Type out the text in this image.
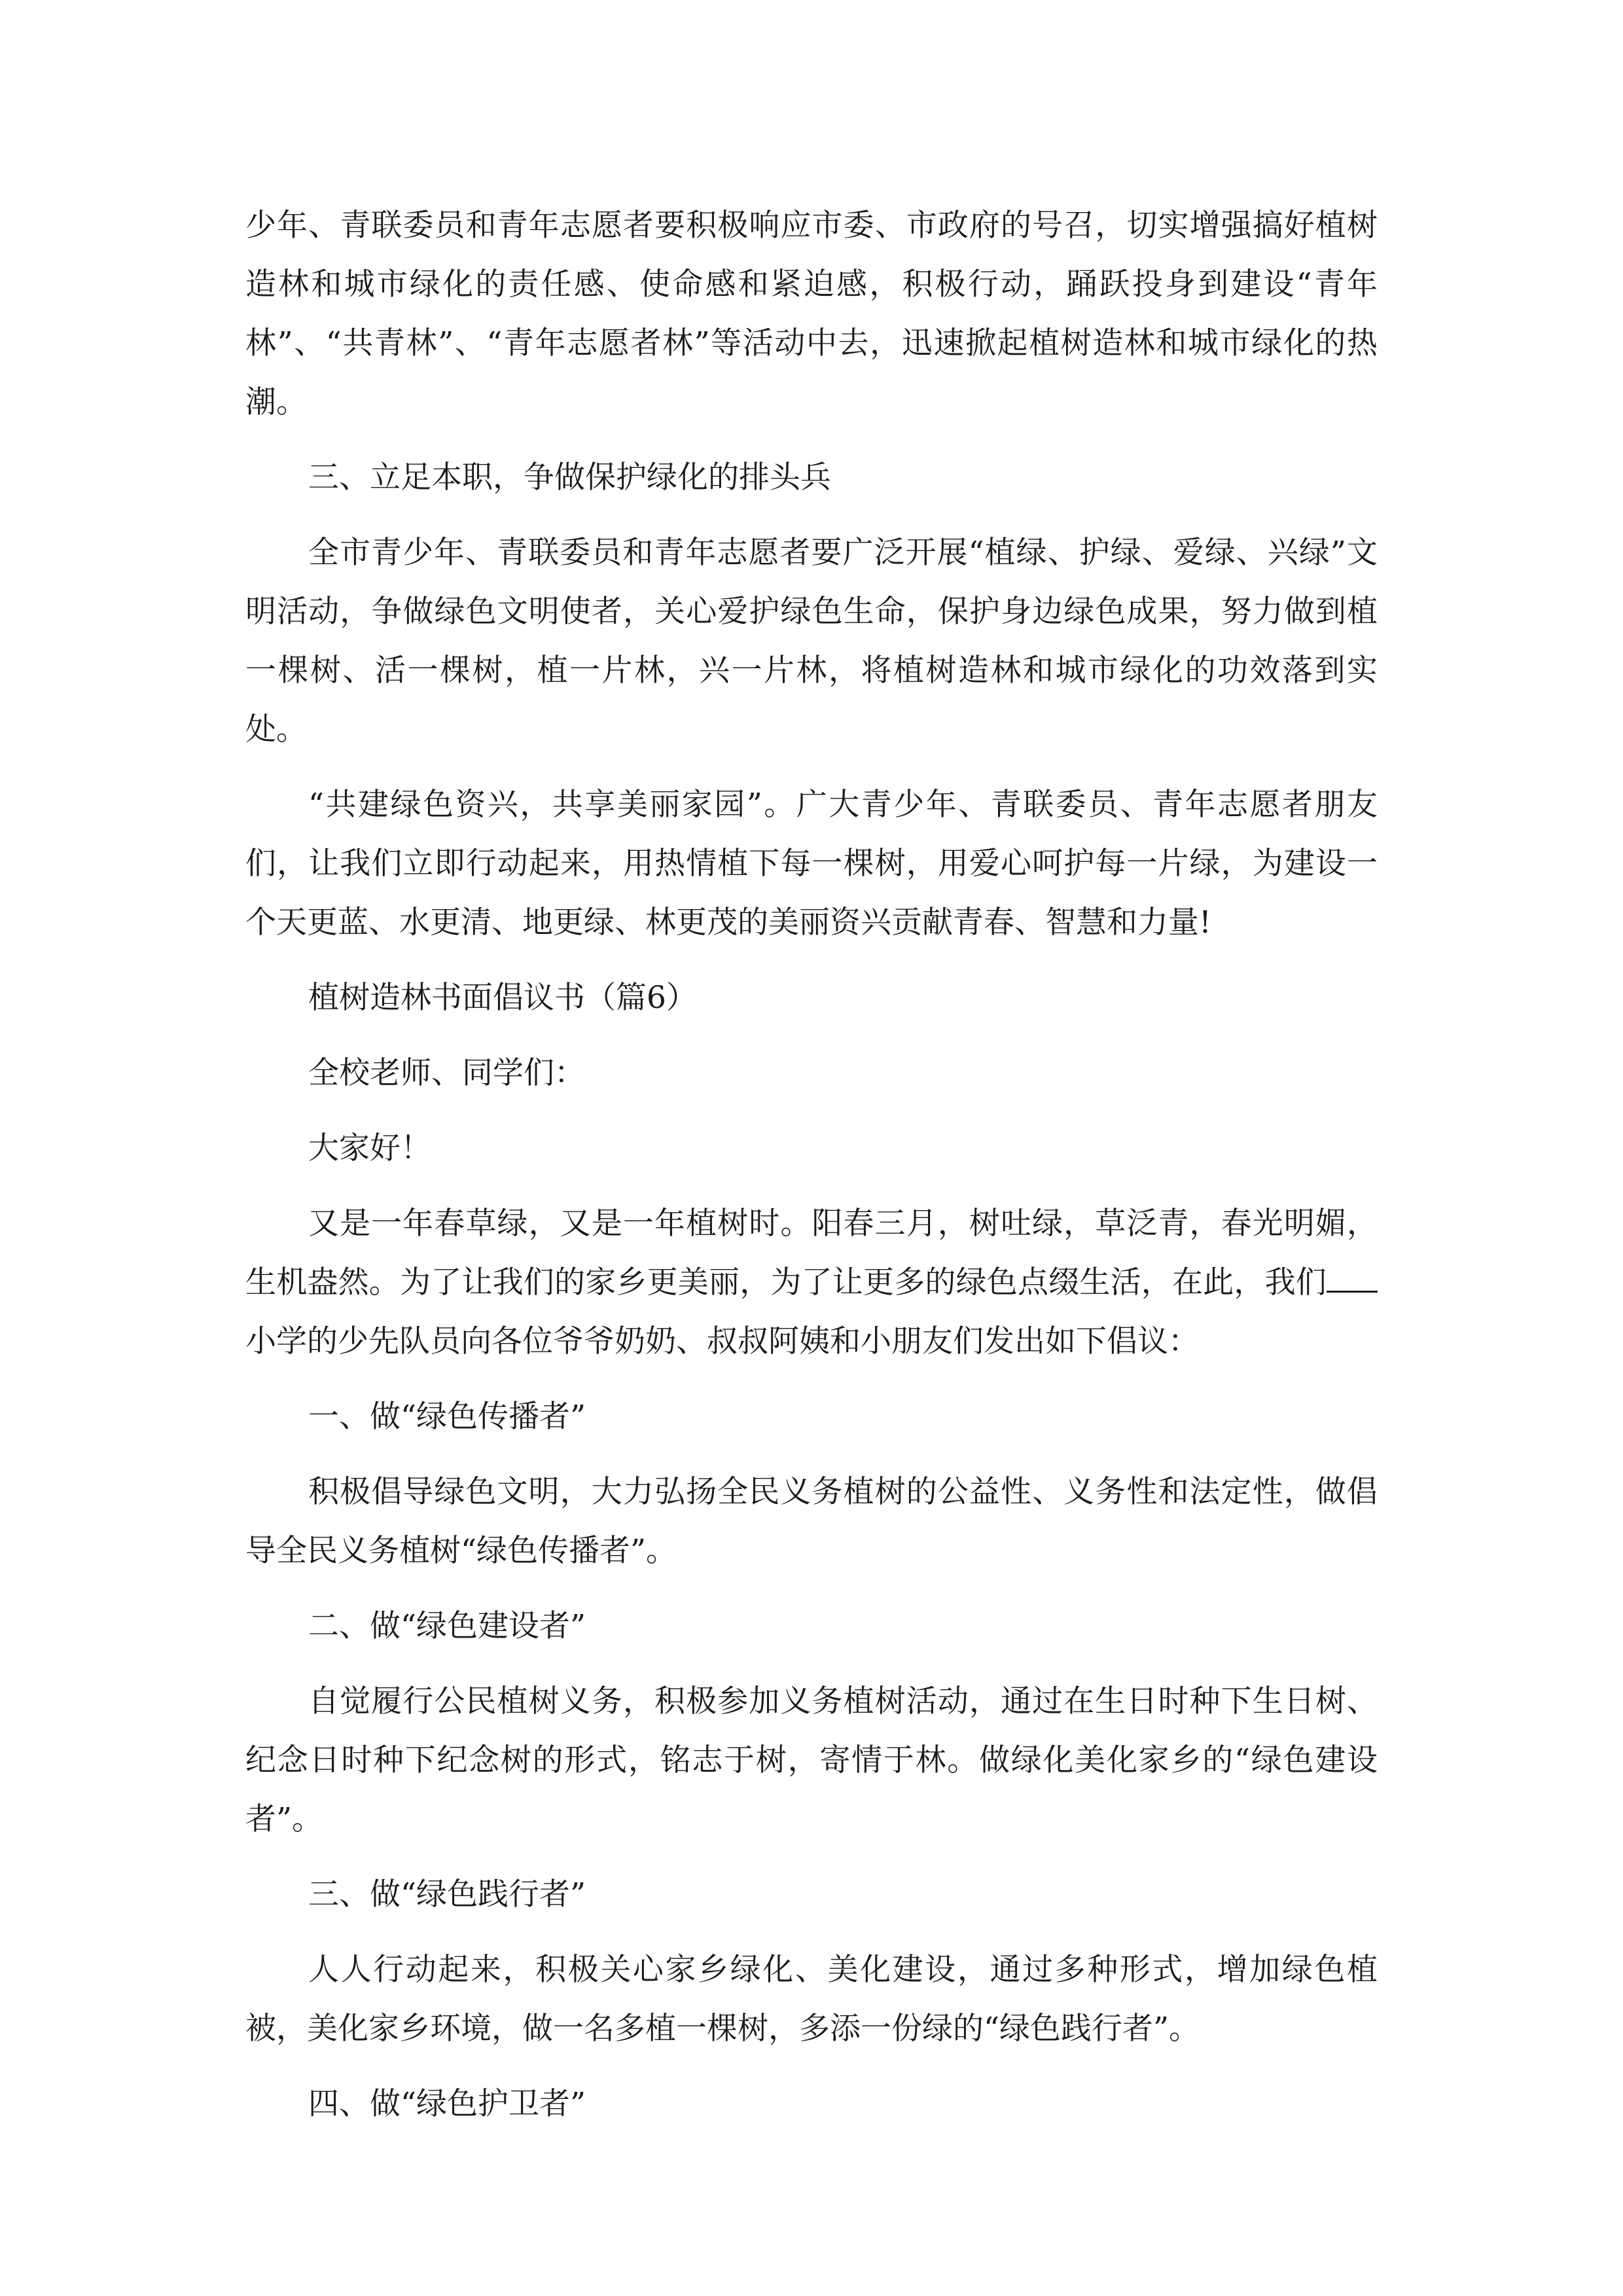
少年、青联委员和青年志愿者要积极响应市委、市政府的号召，切实增强搞好植树造林和城市绿化的责任感、使命感和紧迫感，积极行动，踊跃投身到建设“青年林”、“共青林”、“青年志愿者林”等活动中去，迅速掀起植树造林和城市绿化的热潮。

三、立足本职，争做保护绿化的排头兵

全市青少年、青联委员和青年志愿者要广泛开展“植绿、护绿、爱绿、兴绿”文明活动，争做绿色文明使者，关心爱护绿色生命，保护身边绿色成果，努力做到植一棵树、活一棵树，植一片林，兴一片林，将植树造林和城市绿化的功效落到实处。

“共建绿色资兴，共享美丽家园”。广大青少年、青联委员、青年志愿者朋友们，让我们立即行动起来，用热情植下每一棵树，用爱心呵护每一片绿，为建设一个天更蓝、水更清、地更绿、林更茂的美丽资兴贡献青春、智慧和力量!

植树造林书面倡议书（篇6）

全校老师、同学们：

大家好！

又是一年春草绿，又是一年植树时。阳春三月，树吐绿，草泛青，春光明媚，生机盎然。为了让我们的家乡更美丽，为了让更多的绿色点缀生活，在此，我们小学的少先队员向各位爷爷奶奶、叔叔阿姨和小朋友们发出如下倡议：

一、做“绿色传播者”

积极倡导绿色文明，大力弘扬全民义务植树的公益性、义务性和法定性，做倡导全民义务植树“绿色传播者”。

二、做“绿色建设者”

自觉履行公民植树义务，积极参加义务植树活动，通过在生日时种下生日树、纪念日时种下纪念树的形式，铭志于树，寄情于林。做绿化美化家乡的“绿色建设者”。

三、做“绿色践行者”

人人行动起来，积极关心家乡绿化、美化建设，通过多种形式，增加绿色植被，美化家乡环境，做一名多植一棵树，多添一份绿的“绿色践行者”。

四、做“绿色护卫者”
